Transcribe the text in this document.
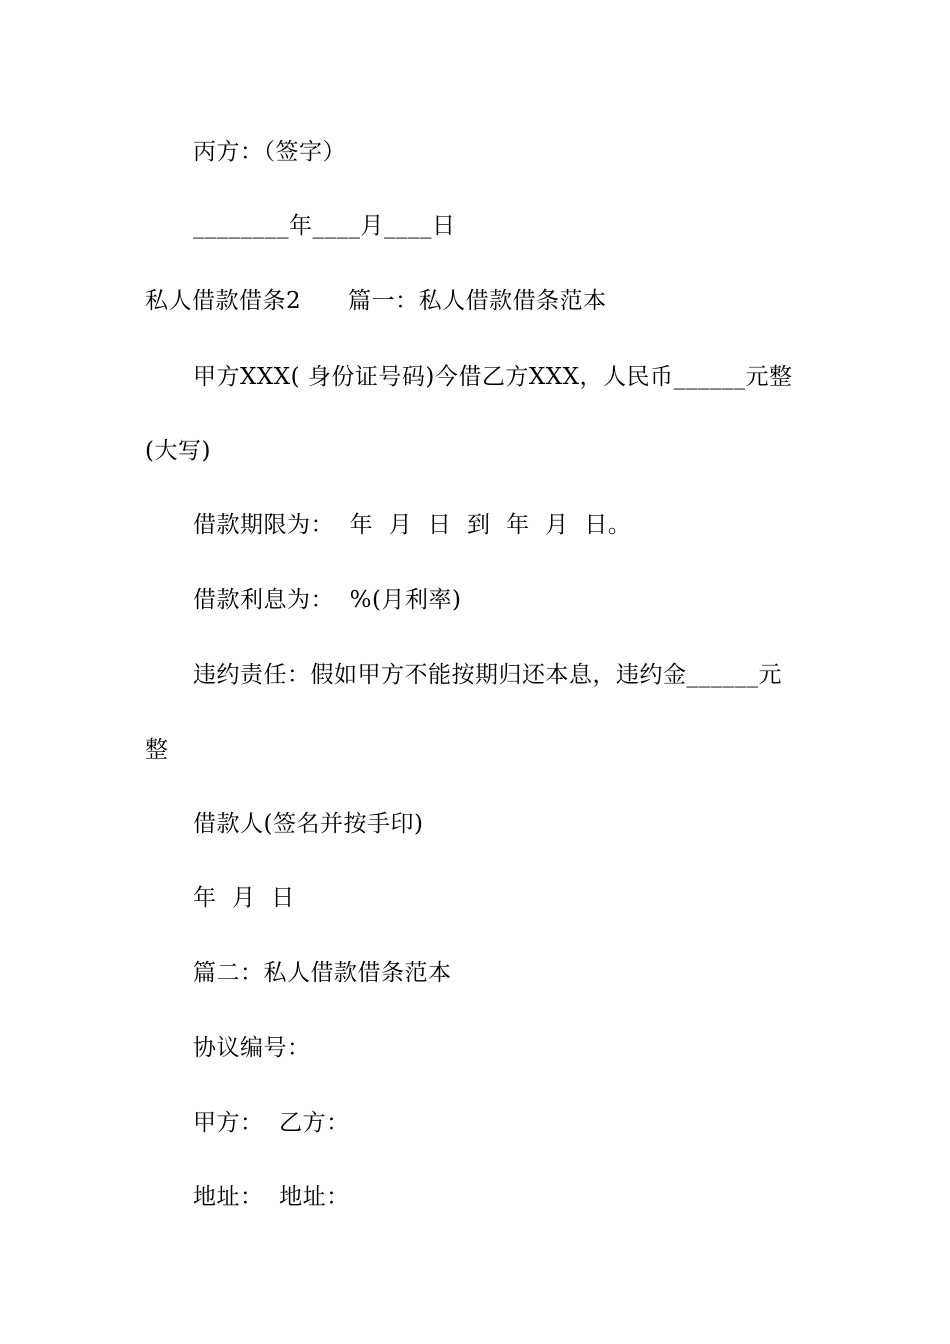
丙方：（签字）
________年____月____日
私人借款借条2　　篇一：私人借款借条范本
甲方XXX( 身份证号码)今借乙方XXX，人民币______元整
(大写)
借款期限为：  年  月  日  到  年  月  日。
借款利息为：  %(月利率)
违约责任：假如甲方不能按期归还本息，违约金______元
整
借款人(签名并按手印)
年  月  日
篇二：私人借款借条范本
协议编号：
甲方：  乙方：
地址：  地址：
